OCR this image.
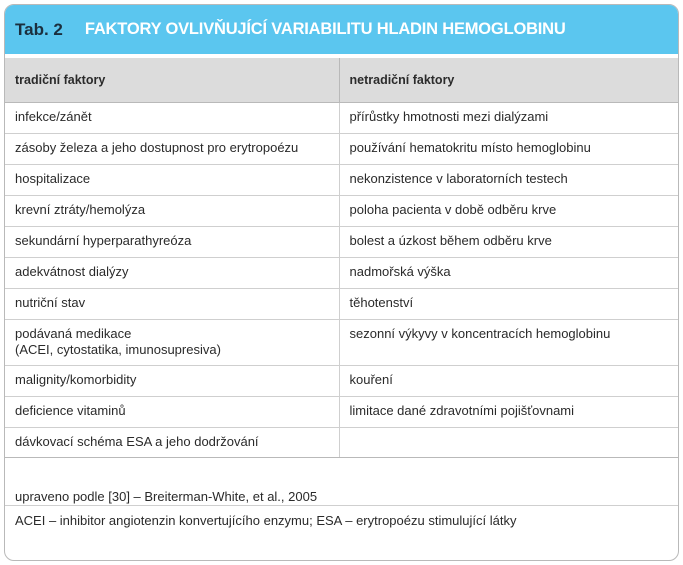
Tab. 2 FAKTORY OVLIVŇUJÍCÍ VARIABILITU HLADIN HEMOGLOBINU
tradiční faktory	netradiční faktory
infekce/zánět	přírůstky hmotnosti mezi dialýzami
zásoby železa a jeho dostupnost pro erytropoézu	používání hematokritu místo hemoglobinu
hospitalizace	nekonzistence v laboratorních testech
krevní ztráty/hemolýza	poloha pacienta v době odběru krve
sekundární hyperparathyreóza	bolest a úzkost během odběru krve
adekvátnost dialýzy	nadmořská výška
nutriční stav	těhotenství

podávaná medikace
(ACEI, cytostatika, imunosupresiva)	sezonní výkyvy v koncentracích hemoglobinu
malignity/komorbidity	kouření
deficience vitaminů	limitace dané zdravotními pojišťovnami
dávkovací schéma ESA a jeho dodržování	
upraveno podle [30] – Breiterman-White, et al., 2005
ACEI – inhibitor angiotenzin konvertujícího enzymu; ESA – erytropoézu stimulující látky
